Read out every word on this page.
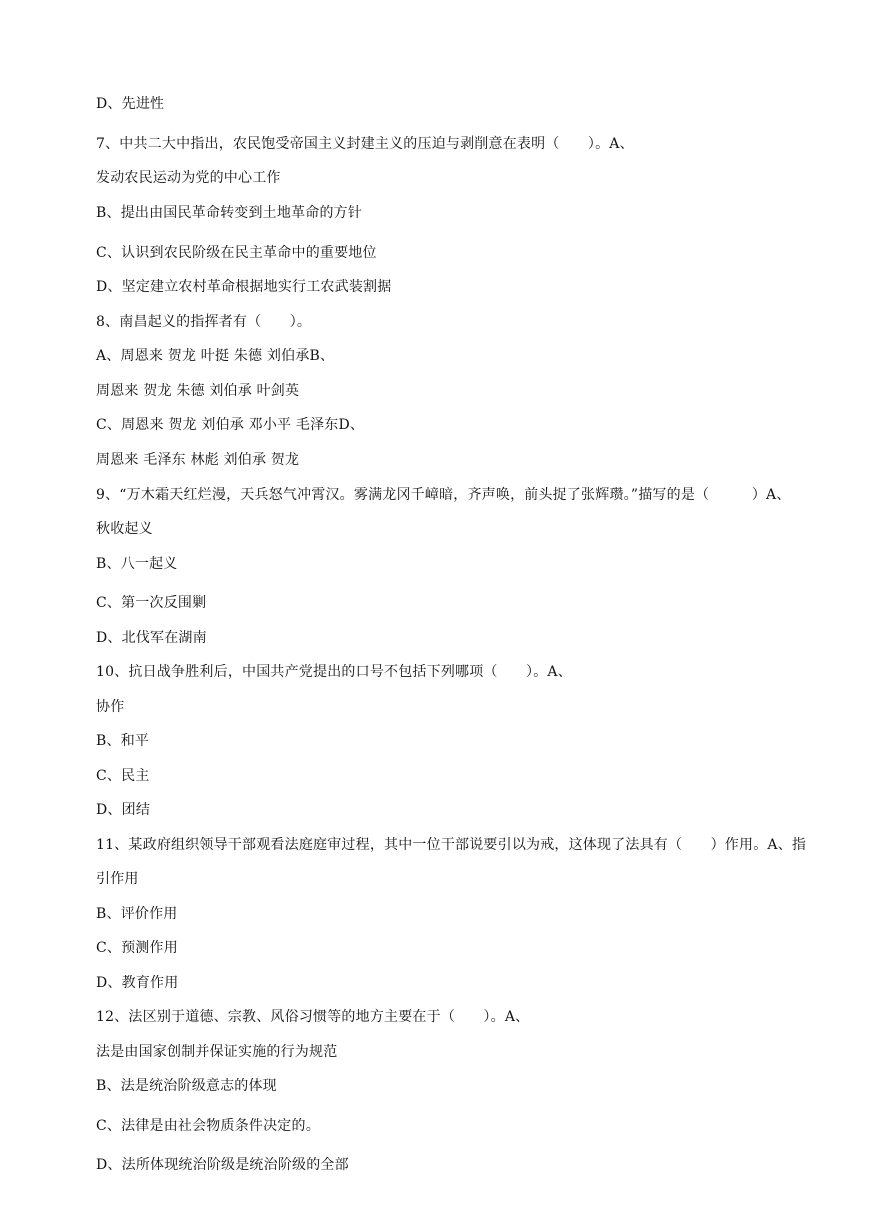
D、先进性
7、中共二大中指出，农民饱受帝国主义封建主义的压迫与剥削意在表明（　　）。A、
发动农民运动为党的中心工作
B、提出由国民革命转变到土地革命的方针
C、认识到农民阶级在民主革命中的重要地位
D、坚定建立农村革命根据地实行工农武装割据
8、南昌起义的指挥者有（　　）。
A、周恩来 贺龙 叶挺 朱德 刘伯承B、
周恩来 贺龙 朱德 刘伯承 叶剑英
C、周恩来 贺龙 刘伯承 邓小平 毛泽东D、
周恩来 毛泽东 林彪 刘伯承 贺龙
9、“万木霜天红烂漫，天兵怒气冲霄汉。雾满龙冈千嶂暗，齐声唤，前头捉了张辉瓒。”描写的是（　　　）A、
秋收起义
B、八一起义
C、第一次反围剿
D、北伐军在湖南
10、抗日战争胜利后，中国共产党提出的口号不包括下列哪项（　　）。A、
协作
B、和平
C、民主
D、团结
11、某政府组织领导干部观看法庭庭审过程，其中一位干部说要引以为戒，这体现了法具有（　　）作用。A、指
引作用
B、评价作用
C、预测作用
D、教育作用
12、法区别于道德、宗教、风俗习惯等的地方主要在于（　　）。A、
法是由国家创制并保证实施的行为规范
B、法是统治阶级意志的体现
C、法律是由社会物质条件决定的。
D、法所体现统治阶级是统治阶级的全部
